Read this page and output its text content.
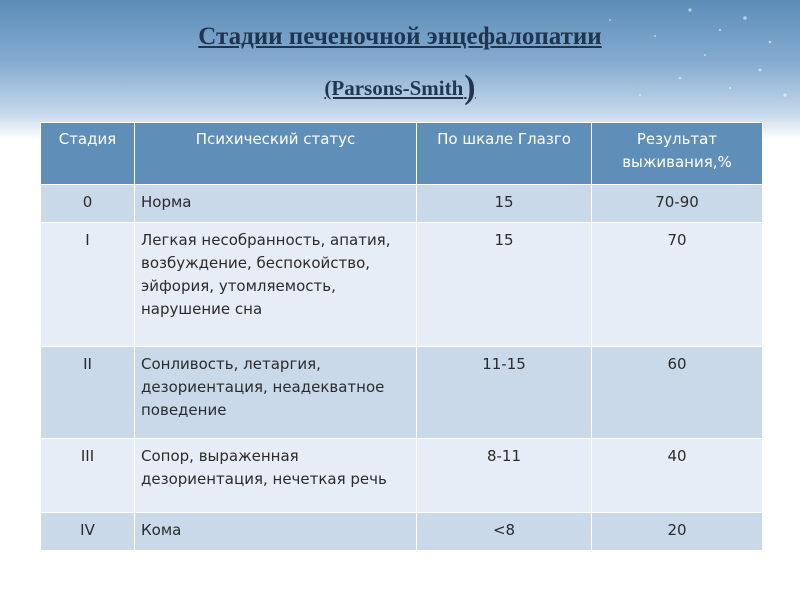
Стадии печеночной энцефалопатии
(Parsons-Smith)
Стадия	Психический статус	По шкале Глазго	Результат выживания,%
0	Норма	15	70-90
I	Легкая несобранность, апатия, возбуждение, беспокойство, эйфория, утомляемость, нарушение сна	15	70
II	Сонливость, летаргия, дезориентация, неадекватное поведение	11-15	60
III	Сопор, выраженная дезориентация, нечеткая речь	8-11	40
IV	Кома	<8	20
